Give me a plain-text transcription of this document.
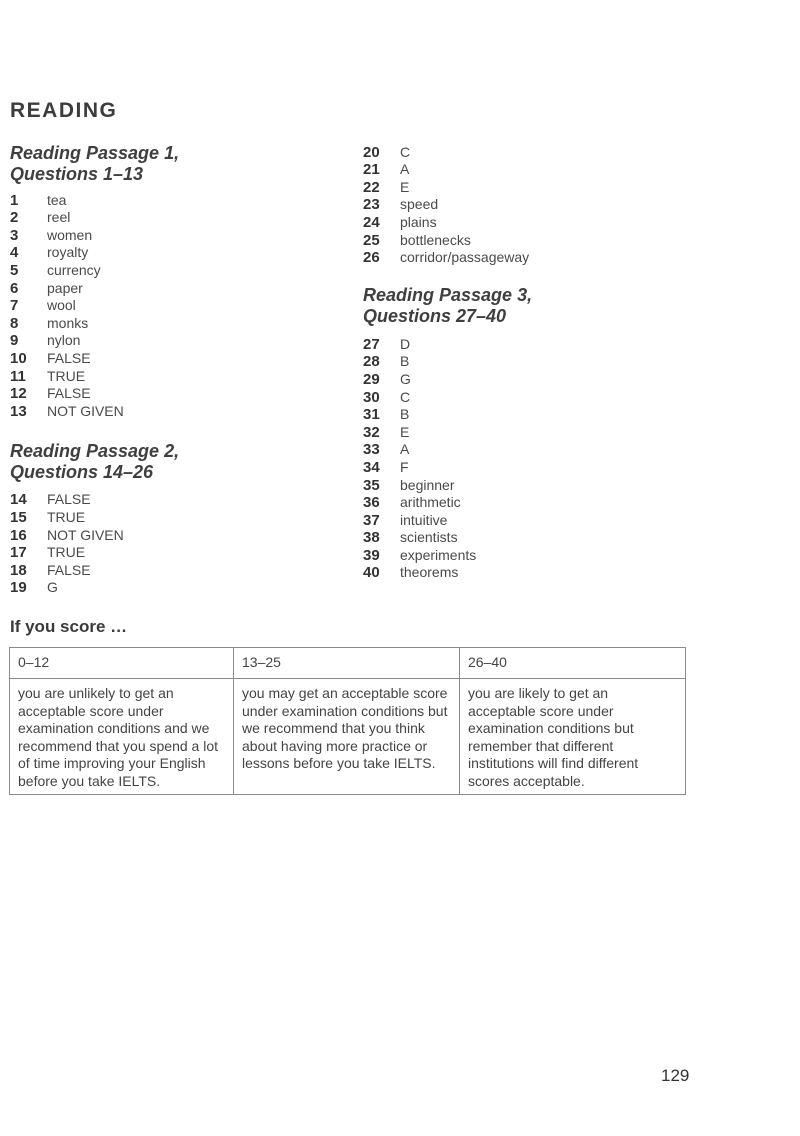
READING
Reading Passage 1,
Questions 1–13
1	tea
2	reel
3	women
4	royalty
5	currency
6	paper
7	wool
8	monks
9	nylon
10	FALSE
11	TRUE
12	FALSE
13	NOT GIVEN
Reading Passage 2,
Questions 14–26
14	FALSE
15	TRUE
16	NOT GIVEN
17	TRUE
18	FALSE
19	G
20	C
21	A
22	E
23	speed
24	plains
25	bottlenecks
26	corridor/passageway
Reading Passage 3,
Questions 27–40
27	D
28	B
29	G
30	C
31	B
32	E
33	A
34	F
35	beginner
36	arithmetic
37	intuitive
38	scientists
39	experiments
40	theorems
If you score …
0–12	13–25	26–40
you are unlikely to get an acceptable score under examination conditions and we recommend that you spend a lot of time improving your English before you take IELTS.	you may get an acceptable score under examination conditions but we recommend that you think about having more practice or lessons before you take IELTS.	you are likely to get an acceptable score under examination conditions but remember that different institutions will find different scores acceptable.
129
